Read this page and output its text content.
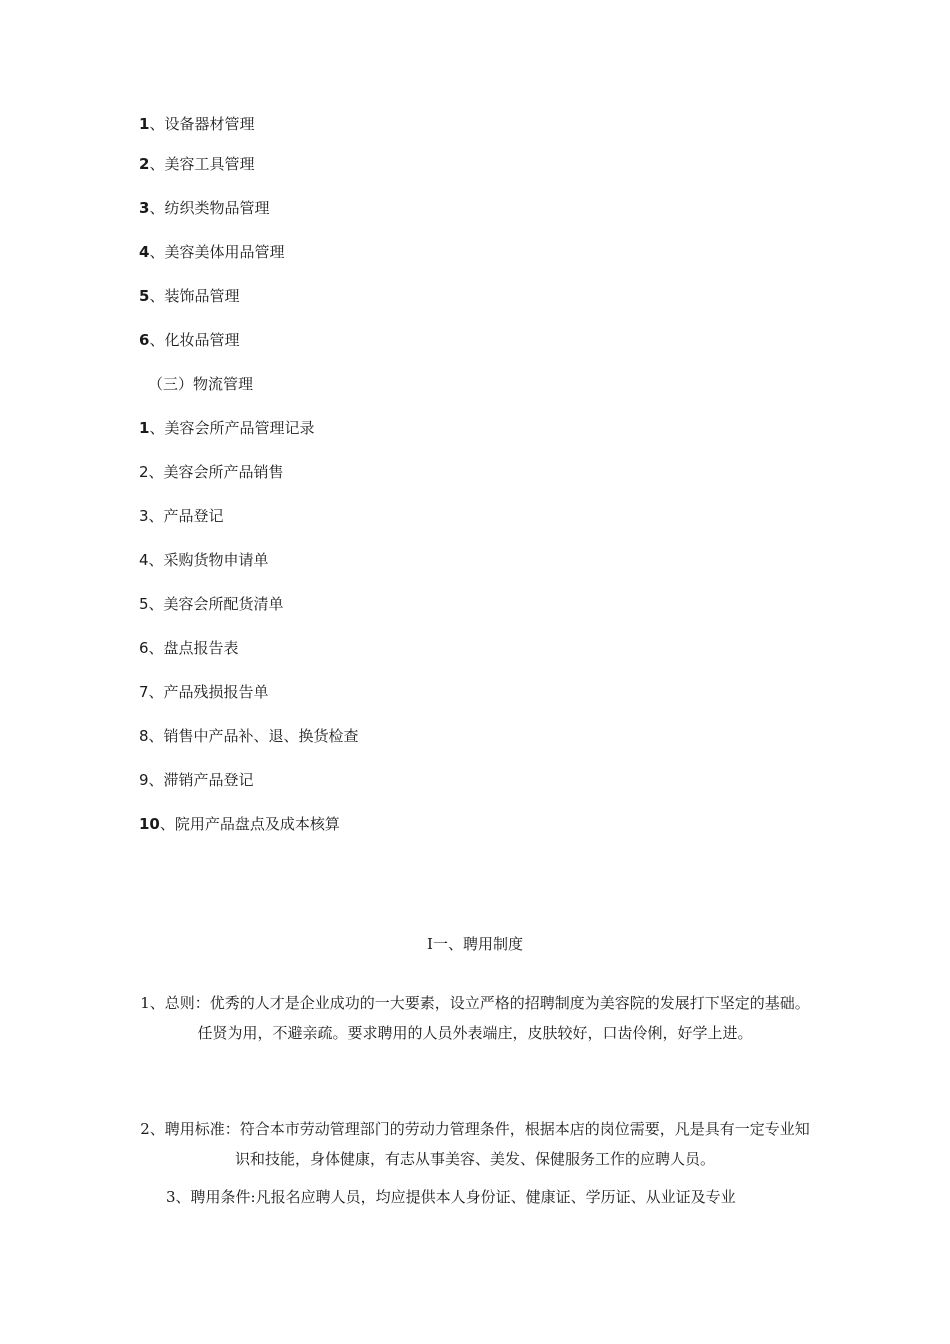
1、设备器材管理
2、美容工具管理
3、纺织类物品管理
4、美容美体用品管理
5、装饰品管理
6、化妆品管理
（三）物流管理
1、美容会所产品管理记录
2、美容会所产品销售
3、产品登记
4、采购货物申请单
5、美容会所配货清单
6、盘点报告表
7、产品残损报告单
8、销售中产品补、退、换货检查
9、滞销产品登记
10、院用产品盘点及成本核算
I一、聘用制度
1、总则：优秀的人才是企业成功的一大要素，设立严格的招聘制度为美容院的发展打下坚定的基础。任贤为用，不避亲疏。要求聘用的人员外表端庄，皮肤较好，口齿伶俐，好学上进。
2、聘用标准：符合本市劳动管理部门的劳动力管理条件，根据本店的岗位需要，凡是具有一定专业知识和技能，身体健康，有志从事美容、美发、保健服务工作的应聘人员。
3、聘用条件:凡报名应聘人员，均应提供本人身份证、健康证、学历证、从业证及专业
